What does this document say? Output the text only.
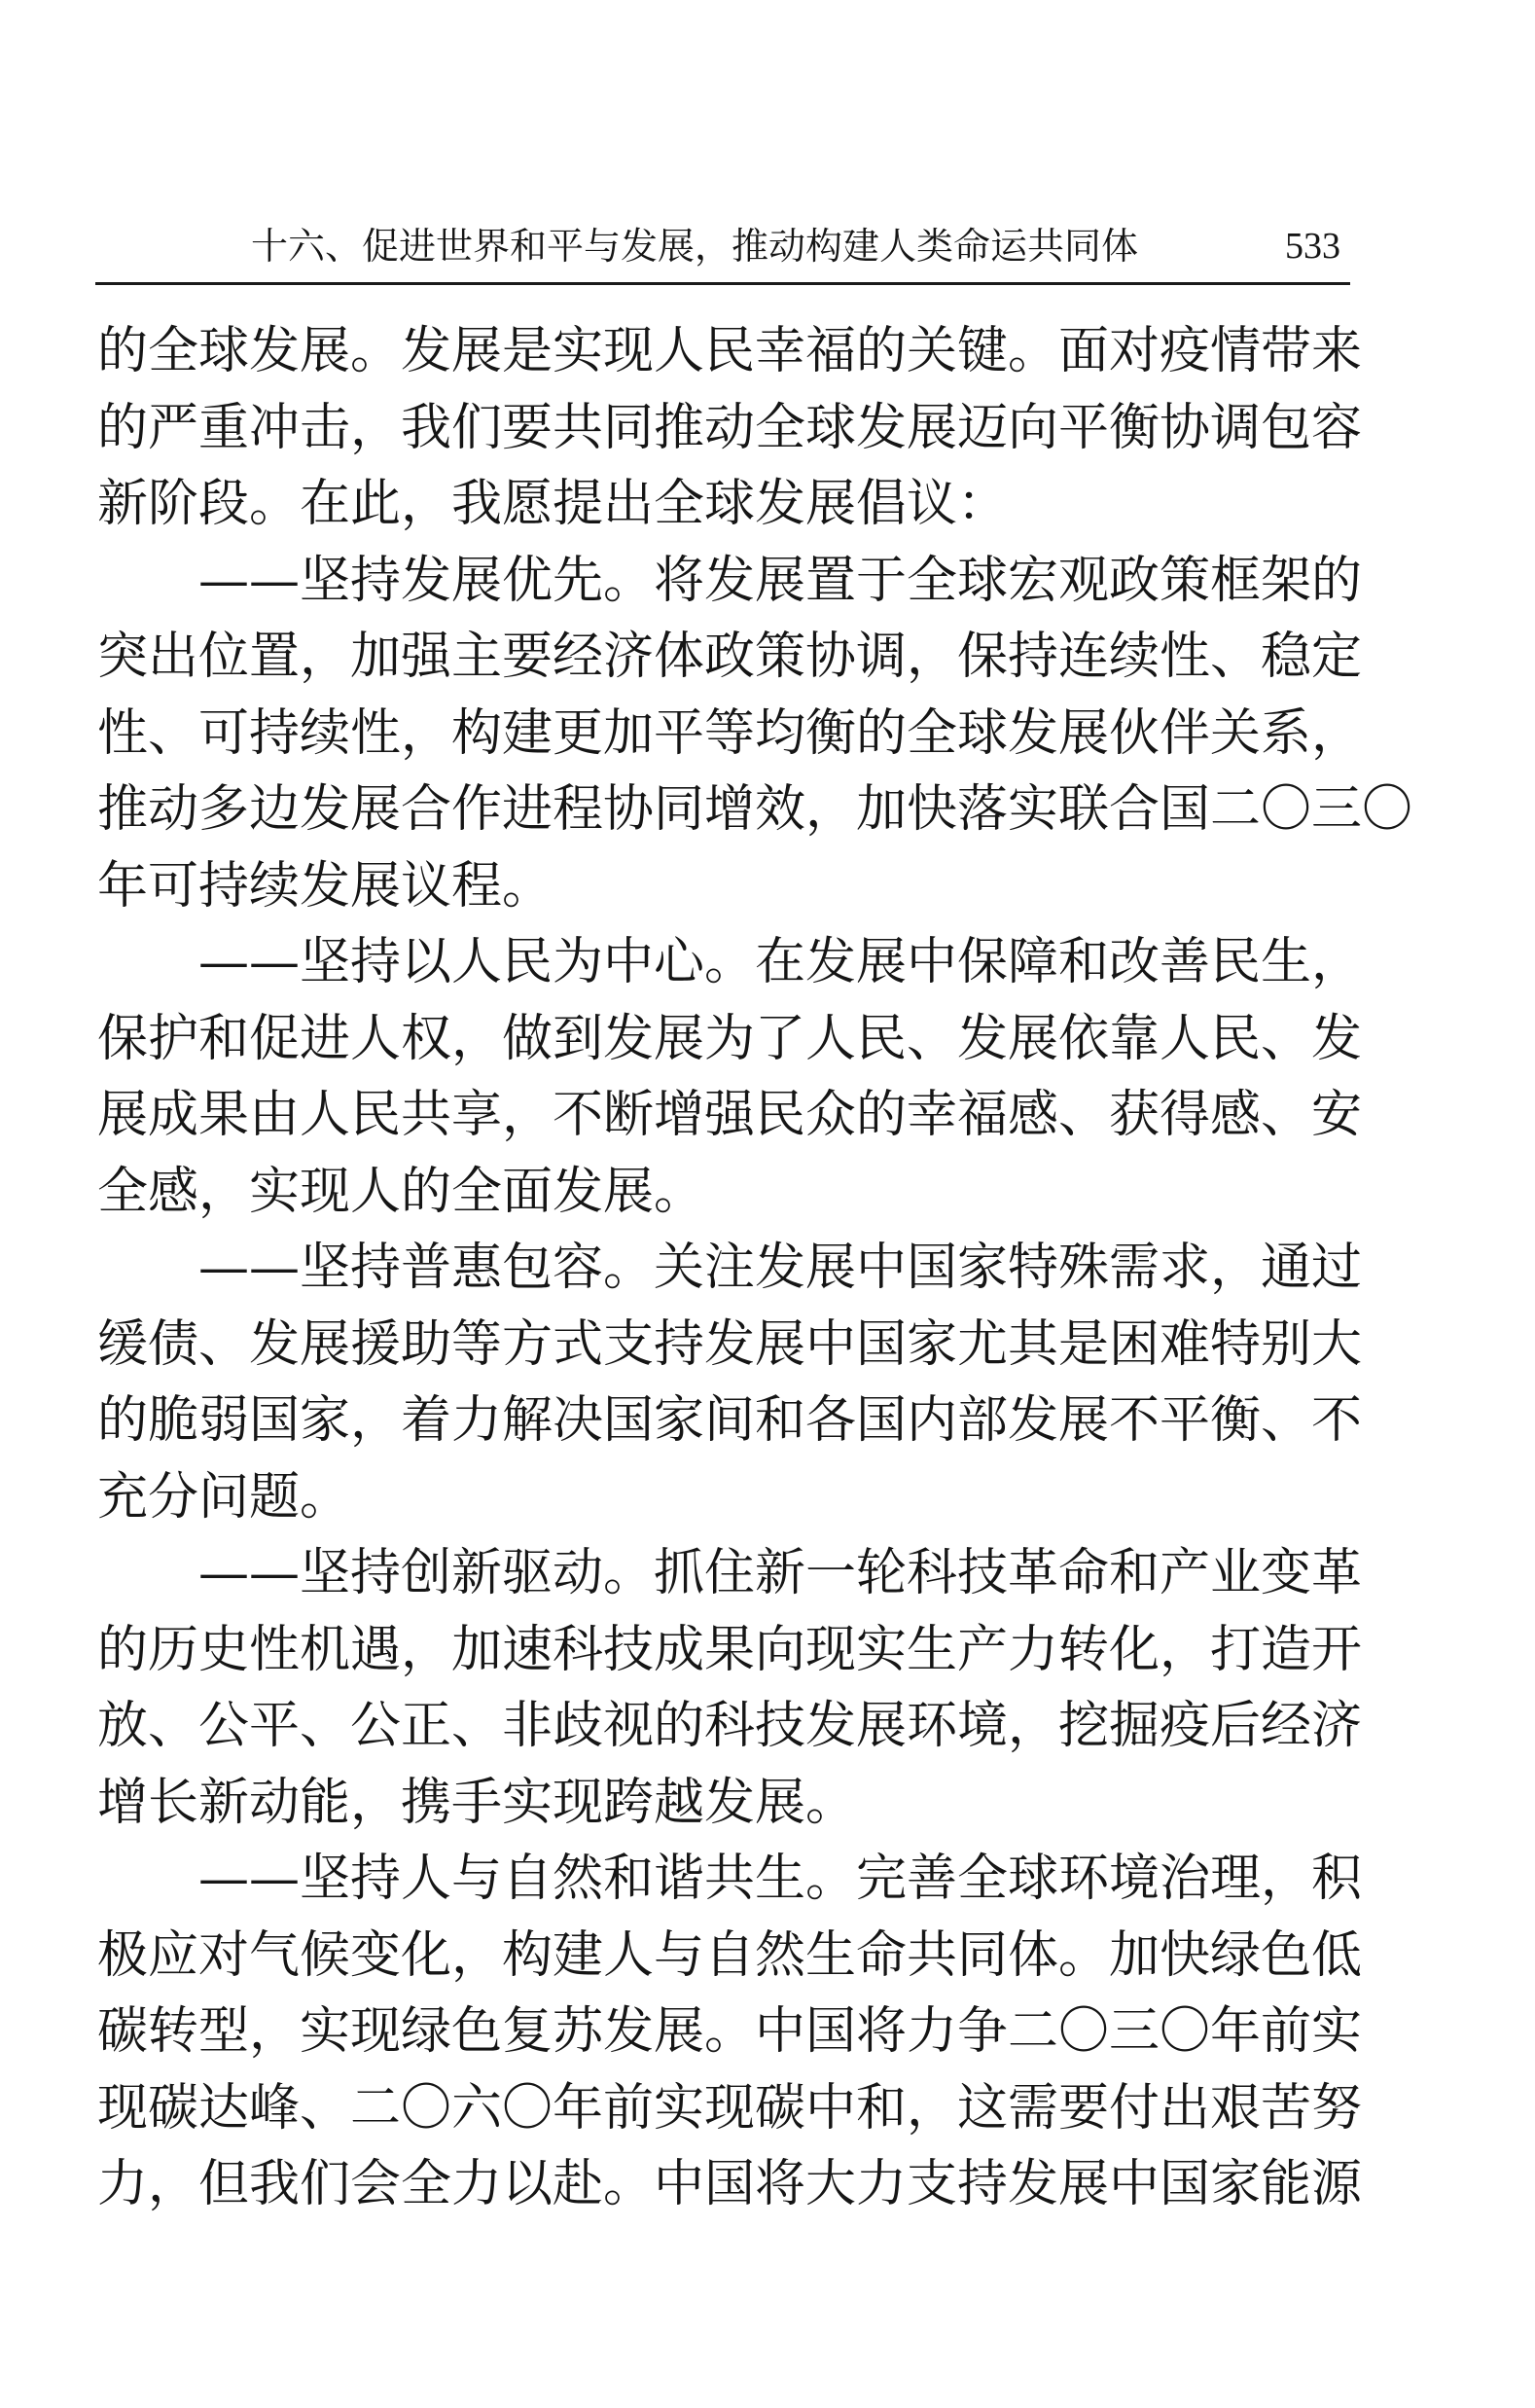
十六、促进世界和平与发展，推动构建人类命运共同体	533
的全球发展。发展是实现人民幸福的关键。面对疫情带来
的严重冲击，我们要共同推动全球发展迈向平衡协调包容
新阶段。在此，我愿提出全球发展倡议：
——坚持发展优先。将发展置于全球宏观政策框架的
突出位置，加强主要经济体政策协调，保持连续性、稳定
性、可持续性，构建更加平等均衡的全球发展伙伴关系，
推动多边发展合作进程协同增效，加快落实联合国二〇三〇
年可持续发展议程。
——坚持以人民为中心。在发展中保障和改善民生，
保护和促进人权，做到发展为了人民、发展依靠人民、发
展成果由人民共享，不断增强民众的幸福感、获得感、安
全感，实现人的全面发展。
——坚持普惠包容。关注发展中国家特殊需求，通过
缓债、发展援助等方式支持发展中国家尤其是困难特别大
的脆弱国家，着力解决国家间和各国内部发展不平衡、不
充分问题。
——坚持创新驱动。抓住新一轮科技革命和产业变革
的历史性机遇，加速科技成果向现实生产力转化，打造开
放、公平、公正、非歧视的科技发展环境，挖掘疫后经济
增长新动能，携手实现跨越发展。
——坚持人与自然和谐共生。完善全球环境治理，积
极应对气候变化，构建人与自然生命共同体。加快绿色低
碳转型，实现绿色复苏发展。中国将力争二〇三〇年前实
现碳达峰、二〇六〇年前实现碳中和，这需要付出艰苦努
力，但我们会全力以赴。中国将大力支持发展中国家能源
